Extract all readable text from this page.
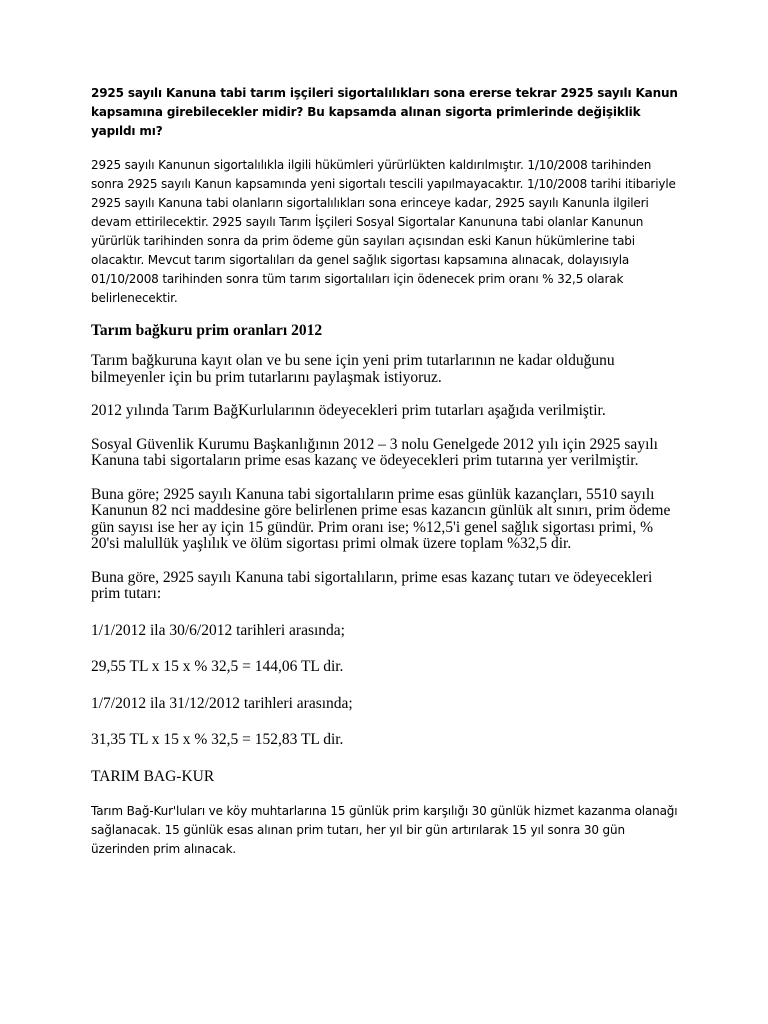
2925 sayılı Kanuna tabi tarım işçileri sigortalılıkları sona ererse tekrar 2925 sayılı Kanun kapsamına girebilecekler midir? Bu kapsamda alınan sigorta primlerinde değişiklik yapıldı mı?

2925 sayılı Kanunun sigortalılıkla ilgili hükümleri yürürlükten kaldırılmıştır. 1/10/2008 tarihinden sonra 2925 sayılı Kanun kapsamında yeni sigortalı tescili yapılmayacaktır. 1/10/2008 tarihi itibariyle 2925 sayılı Kanuna tabi olanların sigortalılıkları sona erinceye kadar, 2925 sayılı Kanunla ilgileri devam ettirilecektir. 2925 sayılı Tarım İşçileri Sosyal Sigortalar Kanununa tabi olanlar Kanunun yürürlük tarihinden sonra da prim ödeme gün sayıları açısından eski Kanun hükümlerine tabi olacaktır. Mevcut tarım sigortalıları da genel sağlık sigortası kapsamına alınacak, dolayısıyla 01/10/2008 tarihinden sonra tüm tarım sigortalıları için ödenecek prim oranı % 32,5 olarak belirlenecektir.

Tarım bağkuru prim oranları 2012

Tarım bağkuruna kayıt olan ve bu sene için yeni prim tutarlarının ne kadar olduğunu bilmeyenler için bu prim tutarlarını paylaşmak istiyoruz.

2012 yılında Tarım BağKurlularının ödeyecekleri prim tutarları aşağıda verilmiştir.

Sosyal Güvenlik Kurumu Başkanlığının 2012 – 3 nolu Genelgede 2012 yılı için 2925 sayılı Kanuna tabi sigortaların prime esas kazanç ve ödeyecekleri prim tutarına yer verilmiştir.

Buna göre; 2925 sayılı Kanuna tabi sigortalıların prime esas günlük kazançları, 5510 sayılı Kanunun 82 nci maddesine göre belirlenen prime esas kazancın günlük alt sınırı, prim ödeme gün sayısı ise her ay için 15 gündür. Prim oranı ise; %12,5'i genel sağlık sigortası primi, % 20'si malullük yaşlılık ve ölüm sigortası primi olmak üzere toplam %32,5 dir.

Buna göre, 2925 sayılı Kanuna tabi sigortalıların, prime esas kazanç tutarı ve ödeyecekleri prim tutarı:

1/1/2012 ila 30/6/2012 tarihleri arasında;

29,55 TL x 15 x % 32,5 = 144,06 TL dir.

1/7/2012 ila 31/12/2012 tarihleri arasında;

31,35 TL x 15 x % 32,5 = 152,83 TL dir.

TARIM BAG-KUR

Tarım Bağ-Kur'luları ve köy muhtarlarına 15 günlük prim karşılığı 30 günlük hizmet kazanma olanağı sağlanacak. 15 günlük esas alınan prim tutarı, her yıl bir gün artırılarak 15 yıl sonra 30 gün üzerinden prim alınacak.
